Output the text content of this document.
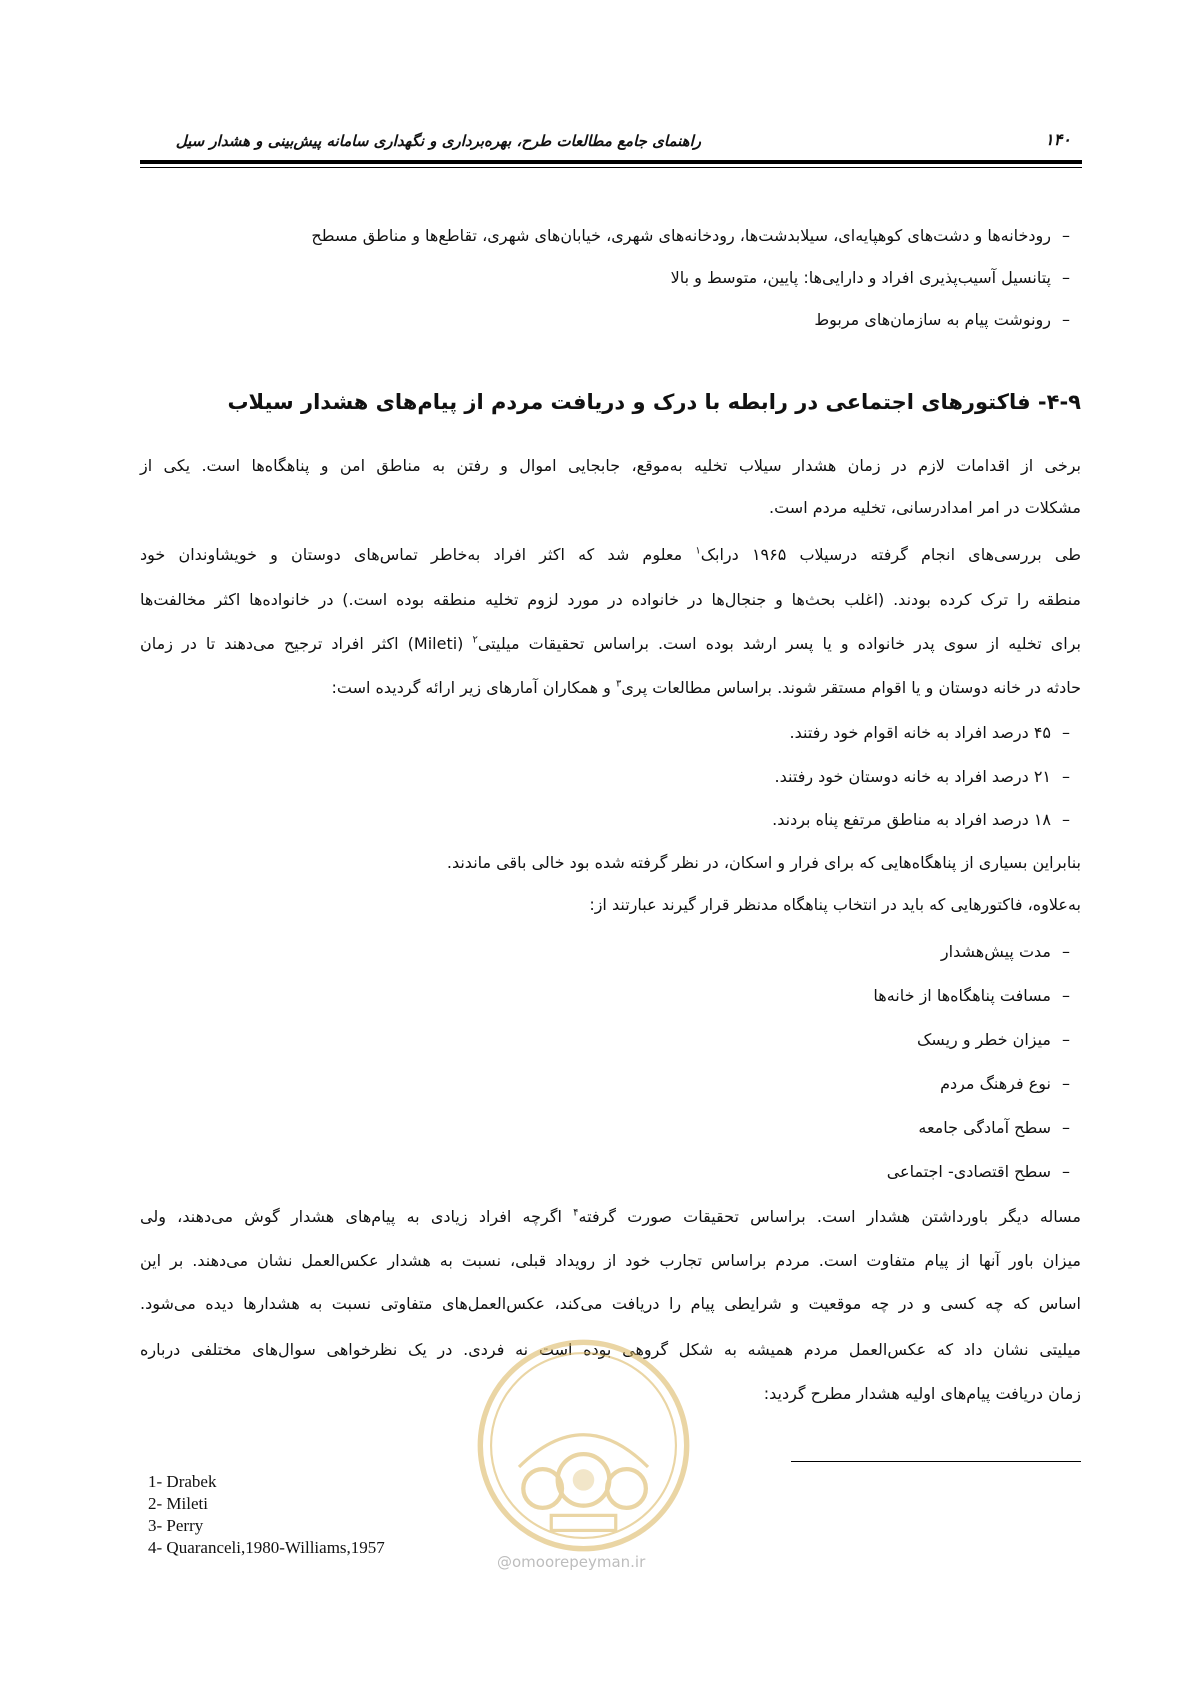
راهنمای جامع مطالعات طرح، بهره‌برداری و نگهداری سامانه پیش‌بینی و هشدار سیل	۱۴۰
–رودخانه‌ها و دشت‌های کوهپایه‌ای، سیلابدشت‌ها، رودخانه‌های شهری، خیابان‌های شهری، تقاطع‌ها و مناطق مسطح
–پتانسیل آسیب‌پذیری افراد و دارایی‌ها: پایین، متوسط و بالا
–رونوشت پیام به سازمان‌های مربوط
۴-۹- فاکتورهای اجتماعی در رابطه با درک و دریافت مردم از پیام‌های هشدار سیلاب
برخی از اقدامات لازم در زمان هشدار سیلاب تخلیه به‌موقع، جابجایی اموال و رفتن به مناطق امن و پناهگاه‌ها است. یکی از
مشکلات در امر امدادرسانی، تخلیه مردم است.
طی بررسی‌های انجام گرفته درسیلاب ۱۹۶۵ درابک$^۱$ معلوم شد که اکثر افراد به‌خاطر تماس‌های دوستان و خویشاوندان خود
منطقه را ترک کرده بودند. (اغلب بحث‌ها و جنجال‌ها در خانواده در مورد لزوم تخلیه منطقه بوده است.) در خانواده‌ها اکثر مخالفت‌ها
برای تخلیه از سوی پدر خانواده و یا پسر ارشد بوده است. براساس تحقیقات میلیتی$^۲$ (Mileti) اکثر افراد ترجیح می‌دهند تا در زمان
حادثه در خانه دوستان و یا اقوام مستقر شوند. براساس مطالعات پری$^۳$ و همکاران آمارهای زیر ارائه گردیده است:
–۴۵ درصد افراد به خانه اقوام خود رفتند.
–۲۱ درصد افراد به خانه دوستان خود رفتند.
–۱۸ درصد افراد به مناطق مرتفع پناه بردند.
بنابراین بسیاری از پناهگاه‌هایی که برای فرار و اسکان، در نظر گرفته شده بود خالی باقی ماندند.
به‌علاوه، فاکتورهایی که باید در انتخاب پناهگاه مدنظر قرار گیرند عبارتند از:
–مدت پیش‌هشدار
–مسافت پناهگاه‌ها از خانه‌ها
–میزان خطر و ریسک
–نوع فرهنگ مردم
–سطح آمادگی جامعه
–سطح اقتصادی- اجتماعی
مساله دیگر باورداشتن هشدار است. براساس تحقیقات صورت گرفته$^۴$ اگرچه افراد زیادی به پیام‌های هشدار گوش می‌دهند، ولی
میزان باور آنها از پیام متفاوت است. مردم براساس تجارب خود از رویداد قبلی، نسبت به هشدار عکس‌العمل نشان می‌دهند. بر این
اساس که چه کسی و در چه موقعیت و شرایطی پیام را دریافت می‌کند، عکس‌العمل‌های متفاوتی نسبت به هشدارها دیده می‌شود.
میلیتی نشان داد که عکس‌العمل مردم همیشه به شکل گروهی بوده است نه فردی. در یک نظرخواهی سوال‌های مختلفی درباره
زمان دریافت پیام‌های اولیه هشدار مطرح گردید:
1- Drabek
2- Mileti
3- Perry
4- Quaranceli,1980-Williams,1957
@omoorepeyman.ir
